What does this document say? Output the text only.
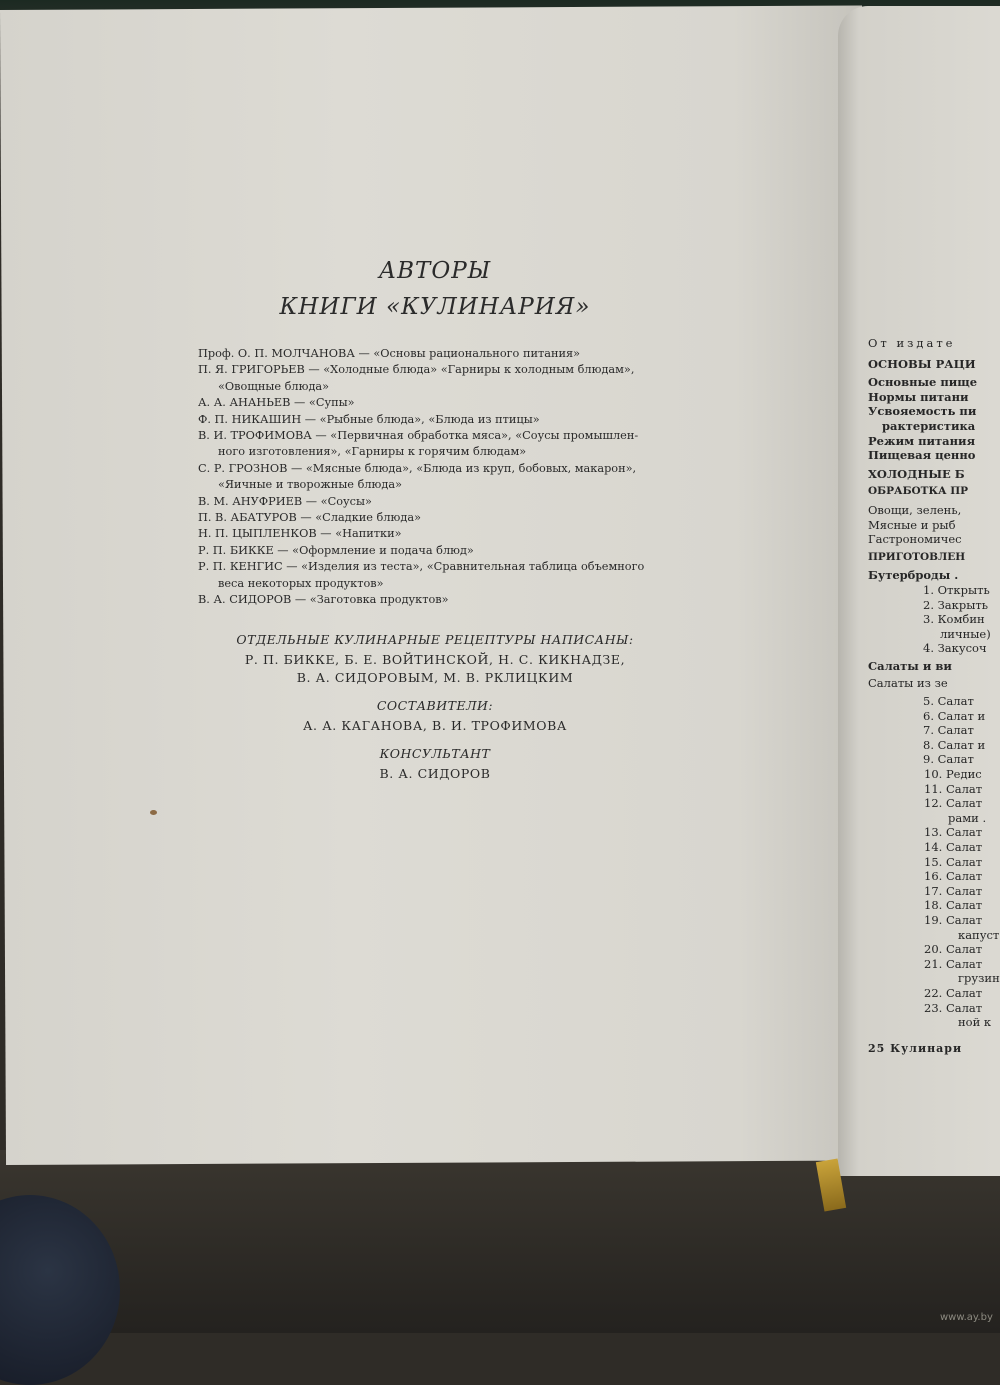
АВТОРЫ
КНИГИ «КУЛИНАРИЯ»
Проф. О. П. МОЛЧАНОВА — «Основы рационального питания»
П. Я. ГРИГОРЬЕВ — «Холодные блюда» «Гарниры к холодным блюдам»,
«Овощные блюда»
А. А. АНАНЬЕВ — «Супы»
Ф. П. НИКАШИН — «Рыбные блюда», «Блюда из птицы»
В. И. ТРОФИМОВА — «Первичная обработка мяса», «Соусы промышлен-
ного изготовления», «Гарниры к горячим блюдам»
С. Р. ГРОЗНОВ — «Мясные блюда», «Блюда из круп, бобовых, макарон»,
«Яичные и творожные блюда»
В. М. АНУФРИЕВ — «Соусы»
П. В. АБАТУРОВ — «Сладкие блюда»
Н. П. ЦЫПЛЕНКОВ — «Напитки»
Р. П. БИККЕ — «Оформление и подача блюд»
Р. П. КЕНГИС — «Изделия из теста», «Сравнительная таблица объемного
веса некоторых продуктов»
В. А. СИДОРОВ — «Заготовка продуктов»
ОТДЕЛЬНЫЕ КУЛИНАРНЫЕ РЕЦЕПТУРЫ НАПИСАНЫ:
Р. П. БИККЕ, Б. Е. ВОЙТИНСКОЙ, Н. С. КИКНАДЗЕ,
В. А. СИДОРОВЫМ, М. В. РКЛИЦКИМ
СОСТАВИТЕЛИ:
А. А. КАГАНОВА, В. И. ТРОФИМОВА
КОНСУЛЬТАНТ
В. А. СИДОРОВ
От издате
ОСНОВЫ РАЦИ
Основные пище
Нормы питани
Усвояемость пи
рактеристика
Режим питания
Пищевая ценно
ХОЛОДНЫЕ Б
ОБРАБОТКА ПР
Овощи, зелень,
Мясные и рыб
Гастрономичес
ПРИГОТОВЛЕН
Бутерброды .
1. Открыть
2. Закрыть
3. Комбин
личные)
4. Закусоч
Салаты и ви
Салаты из зе
5. Салат
6. Салат и
7. Салат
8. Салат и
9. Салат
10. Редис
11. Салат
12. Салат
рами .
13. Салат
14. Салат
15. Салат
16. Салат
17. Салат
18. Салат
19. Салат
капуст
20. Салат
21. Салат
грузин
22. Салат
23. Салат
ной к
25 Кулинари
www.ay.by
